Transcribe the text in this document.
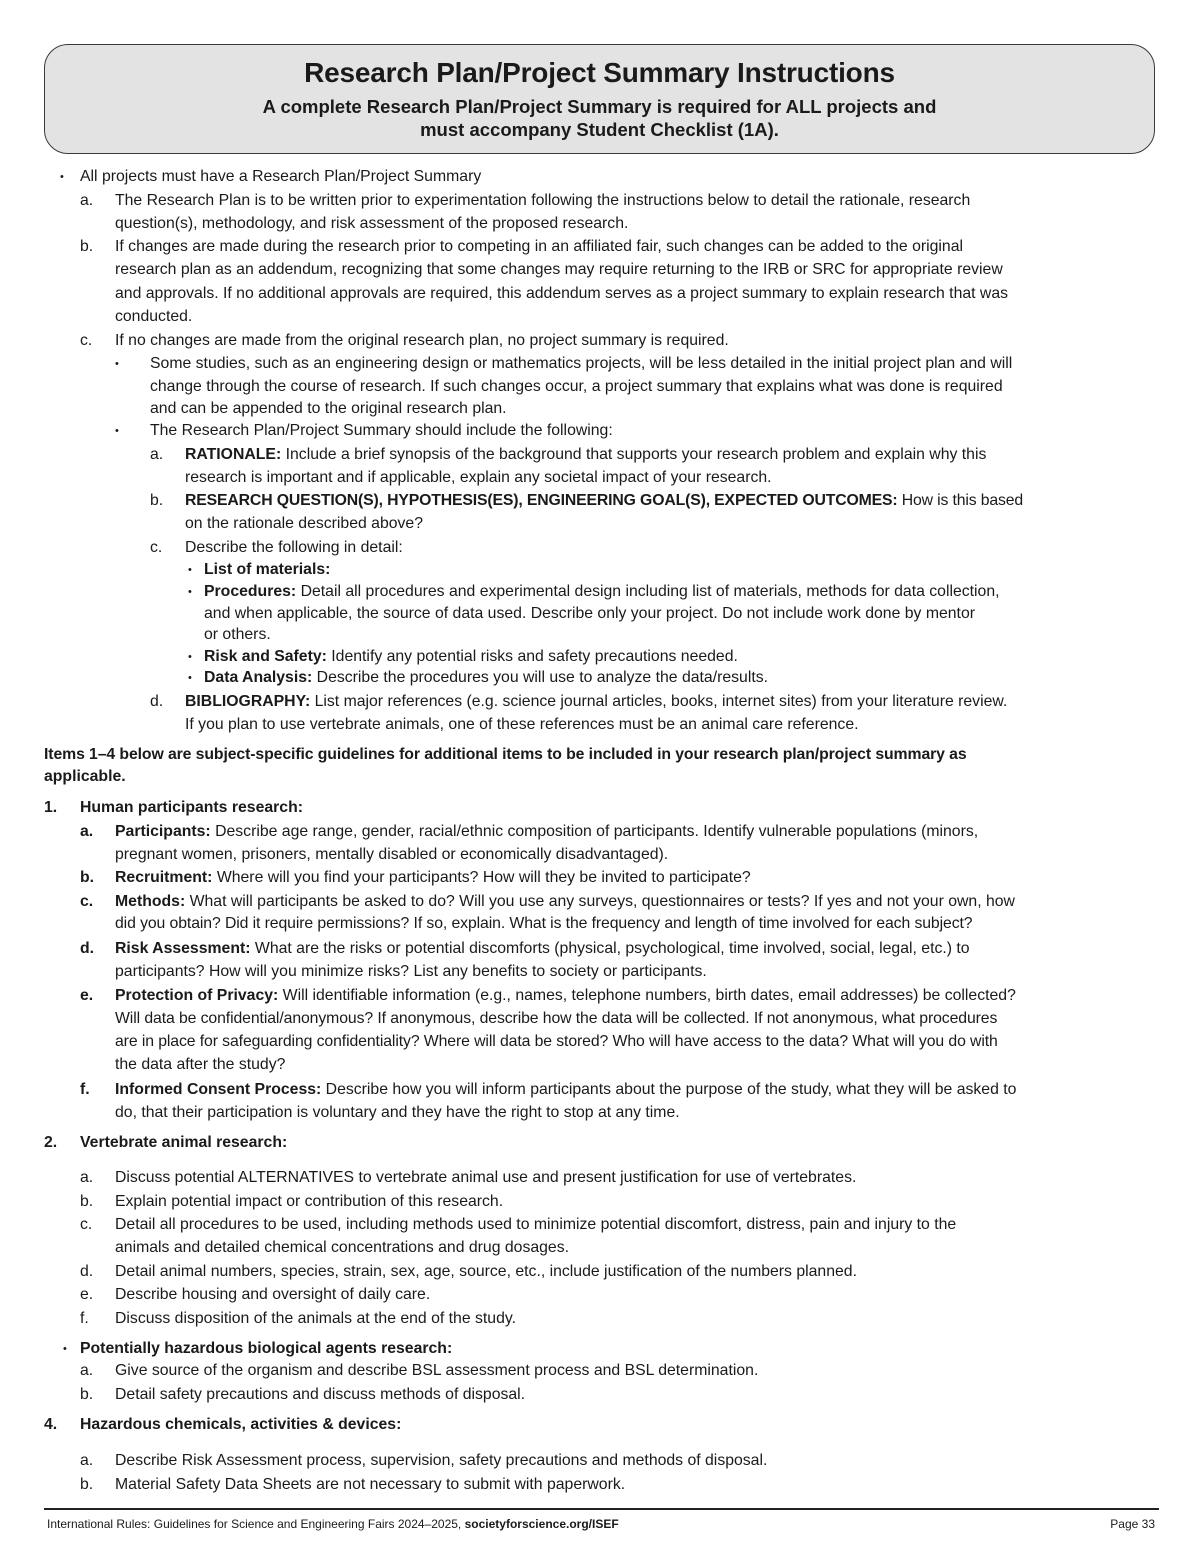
Research Plan/Project Summary Instructions
A complete Research Plan/Project Summary is required for ALL projects and
must accompany Student Checklist (1A).
• All projects must have a Research Plan/Project Summary
a. The Research Plan is to be written prior to experimentation following the instructions below to detail the rationale, research
question(s), methodology, and risk assessment of the proposed research.
b. If changes are made during the research prior to competing in an affiliated fair, such changes can be added to the original
research plan as an addendum, recognizing that some changes may require returning to the IRB or SRC for appropriate review
and approvals. If no additional approvals are required, this addendum serves as a project summary to explain research that was
conducted.
c. If no changes are made from the original research plan, no project summary is required.
• Some studies, such as an engineering design or mathematics projects, will be less detailed in the initial project plan and will
change through the course of research. If such changes occur, a project summary that explains what was done is required
and can be appended to the original research plan.
• The Research Plan/Project Summary should include the following:
a. RATIONALE: Include a brief synopsis of the background that supports your research problem and explain why this
research is important and if applicable, explain any societal impact of your research.
b. RESEARCH QUESTION(S), HYPOTHESIS(ES), ENGINEERING GOAL(S), EXPECTED OUTCOMES: How is this based
on the rationale described above?
c. Describe the following in detail:
• List of materials:
• Procedures: Detail all procedures and experimental design including list of materials, methods for data collection,
and when applicable, the source of data used. Describe only your project. Do not include work done by mentor
or others.
• Risk and Safety: Identify any potential risks and safety precautions needed.
• Data Analysis: Describe the procedures you will use to analyze the data/results.
d. BIBLIOGRAPHY: List major references (e.g. science journal articles, books, internet sites) from your literature review.
If you plan to use vertebrate animals, one of these references must be an animal care reference.
Items 1–4 below are subject-specific guidelines for additional items to be included in your research plan/project summary as
applicable.
1. Human participants research:
a. Participants: Describe age range, gender, racial/ethnic composition of participants. Identify vulnerable populations (minors,
pregnant women, prisoners, mentally disabled or economically disadvantaged).
b. Recruitment: Where will you find your participants? How will they be invited to participate?
c. Methods: What will participants be asked to do? Will you use any surveys, questionnaires or tests? If yes and not your own, how
did you obtain? Did it require permissions? If so, explain. What is the frequency and length of time involved for each subject?
d. Risk Assessment: What are the risks or potential discomforts (physical, psychological, time involved, social, legal, etc.) to
participants? How will you minimize risks? List any benefits to society or participants.
e. Protection of Privacy: Will identifiable information (e.g., names, telephone numbers, birth dates, email addresses) be collected?
Will data be confidential/anonymous? If anonymous, describe how the data will be collected. If not anonymous, what procedures
are in place for safeguarding confidentiality? Where will data be stored? Who will have access to the data? What will you do with
the data after the study?
f. Informed Consent Process: Describe how you will inform participants about the purpose of the study, what they will be asked to
do, that their participation is voluntary and they have the right to stop at any time.
2. Vertebrate animal research:
a. Discuss potential ALTERNATIVES to vertebrate animal use and present justification for use of vertebrates.
b. Explain potential impact or contribution of this research.
c. Detail all procedures to be used, including methods used to minimize potential discomfort, distress, pain and injury to the
animals and detailed chemical concentrations and drug dosages.
d. Detail animal numbers, species, strain, sex, age, source, etc., include justification of the numbers planned.
e. Describe housing and oversight of daily care.
f. Discuss disposition of the animals at the end of the study.
• Potentially hazardous biological agents research:
a. Give source of the organism and describe BSL assessment process and BSL determination.
b. Detail safety precautions and discuss methods of disposal.
4. Hazardous chemicals, activities & devices:
a. Describe Risk Assessment process, supervision, safety precautions and methods of disposal.
b. Material Safety Data Sheets are not necessary to submit with paperwork.
International Rules: Guidelines for Science and Engineering Fairs 2024–2025, societyforscience.org/ISEF	Page 33
